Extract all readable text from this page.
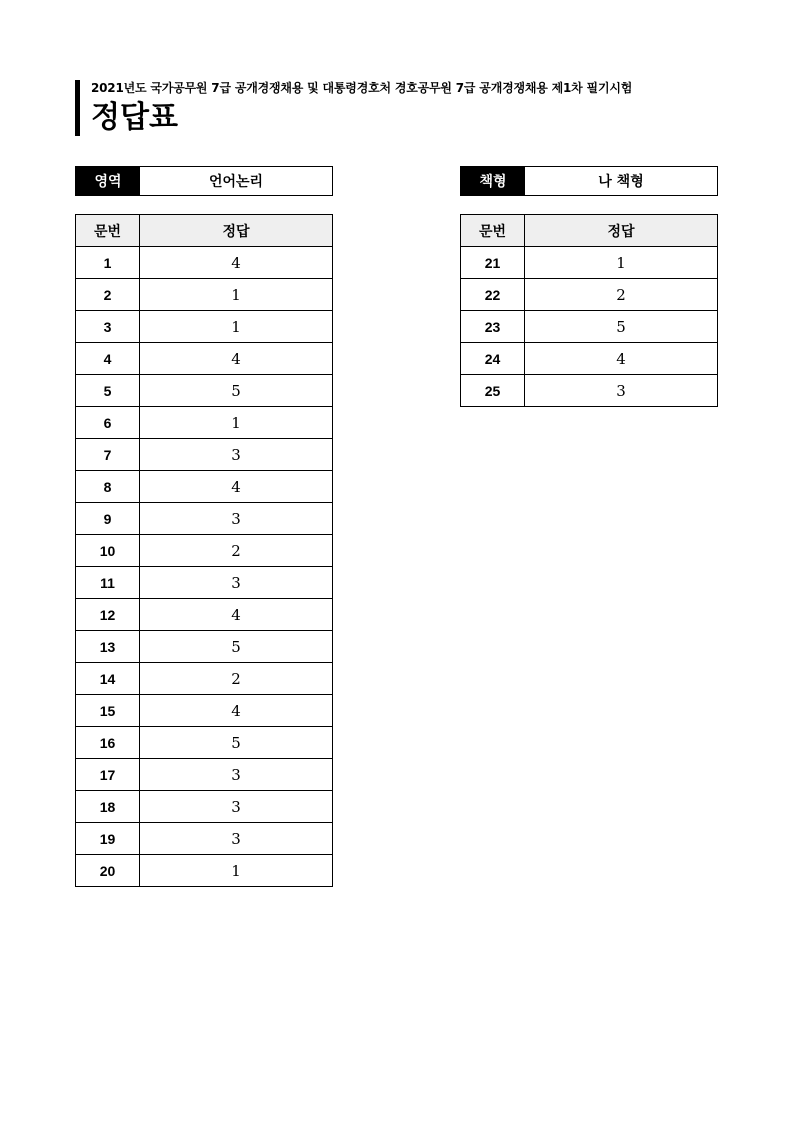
2021년도 국가공무원 7급 공개경쟁채용 및 대통령경호처 경호공무원 7급 공개경쟁채용 제1차 필기시험
정답표
영역	언어논리	책형	나 책형
문번	정답
1	4
2	1
3	1
4	4
5	5
6	1
7	3
8	4
9	3
10	2
11	3
12	4
13	5
14	2
15	4
16	5
17	3
18	3
19	3
20	1
문번	정답
21	1
22	2
23	5
24	4
25	3
